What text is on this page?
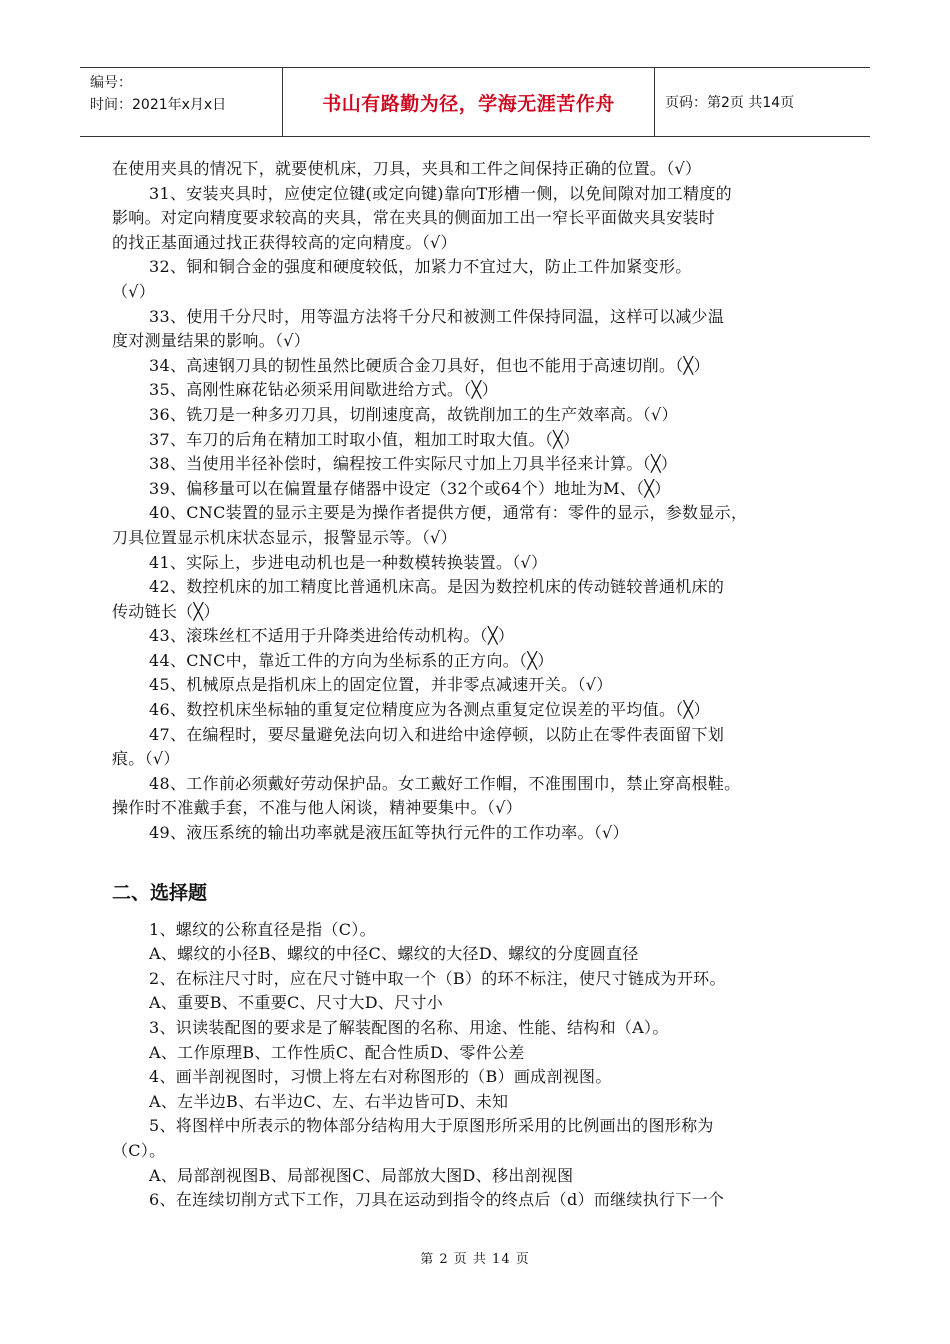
编号：
时间：2021年x月x日	书山有路勤为径，学海无涯苦作舟	页码：第2页 共14页
在使用夹具的情况下，就要使机床，刀具，夹具和工件之间保持正确的位置。（√）
31、安装夹具时，应使定位键(或定向键)靠向T形槽一侧，以免间隙对加工精度的
影响。对定向精度要求较高的夹具，常在夹具的侧面加工出一窄长平面做夹具安装时
的找正基面通过找正获得较高的定向精度。（√）
32、铜和铜合金的强度和硬度较低，加紧力不宜过大，防止工件加紧变形。
（√）
33、使用千分尺时，用等温方法将千分尺和被测工件保持同温，这样可以减少温
度对测量结果的影响。（√）
34、高速钢刀具的韧性虽然比硬质合金刀具好，但也不能用于高速切削。（╳）
35、高刚性麻花钻必须采用间歇进给方式。（╳）
36、铣刀是一种多刃刀具，切削速度高，故铣削加工的生产效率高。（√）
37、车刀的后角在精加工时取小值，粗加工时取大值。（╳）
38、当使用半径补偿时，编程按工件实际尺寸加上刀具半径来计算。（╳）
39、偏移量可以在偏置量存储器中设定（32个或64个）地址为M、（╳）
40、CNC装置的显示主要是为操作者提供方便，通常有：零件的显示，参数显示，
刀具位置显示机床状态显示，报警显示等。（√）
41、实际上，步进电动机也是一种数模转换装置。（√）
42、数控机床的加工精度比普通机床高。是因为数控机床的传动链较普通机床的
传动链长（╳）
43、滚珠丝杠不适用于升降类进给传动机构。（╳）
44、CNC中，靠近工件的方向为坐标系的正方向。（╳）
45、机械原点是指机床上的固定位置，并非零点减速开关。（√）
46、数控机床坐标轴的重复定位精度应为各测点重复定位误差的平均值。（╳）
47、在编程时，要尽量避免法向切入和进给中途停顿，以防止在零件表面留下划
痕。（√）
48、工作前必须戴好劳动保护品。女工戴好工作帽，不准围围巾，禁止穿高根鞋。
操作时不准戴手套，不准与他人闲谈，精神要集中。（√）
49、液压系统的输出功率就是液压缸等执行元件的工作功率。（√）
二、选择题
1、螺纹的公称直径是指（C）。
A、螺纹的小径B、螺纹的中径C、螺纹的大径D、螺纹的分度圆直径
2、在标注尺寸时，应在尺寸链中取一个（B）的环不标注，使尺寸链成为开环。
A、重要B、不重要C、尺寸大D、尺寸小
3、识读装配图的要求是了解装配图的名称、用途、性能、结构和（A）。
A、工作原理B、工作性质C、配合性质D、零件公差
4、画半剖视图时，习惯上将左右对称图形的（B）画成剖视图。
A、左半边B、右半边C、左、右半边皆可D、未知
5、将图样中所表示的物体部分结构用大于原图形所采用的比例画出的图形称为
（C）。
A、局部剖视图B、局部视图C、局部放大图D、移出剖视图
6、在连续切削方式下工作，刀具在运动到指令的终点后（d）而继续执行下一个
第 2 页 共 14 页
